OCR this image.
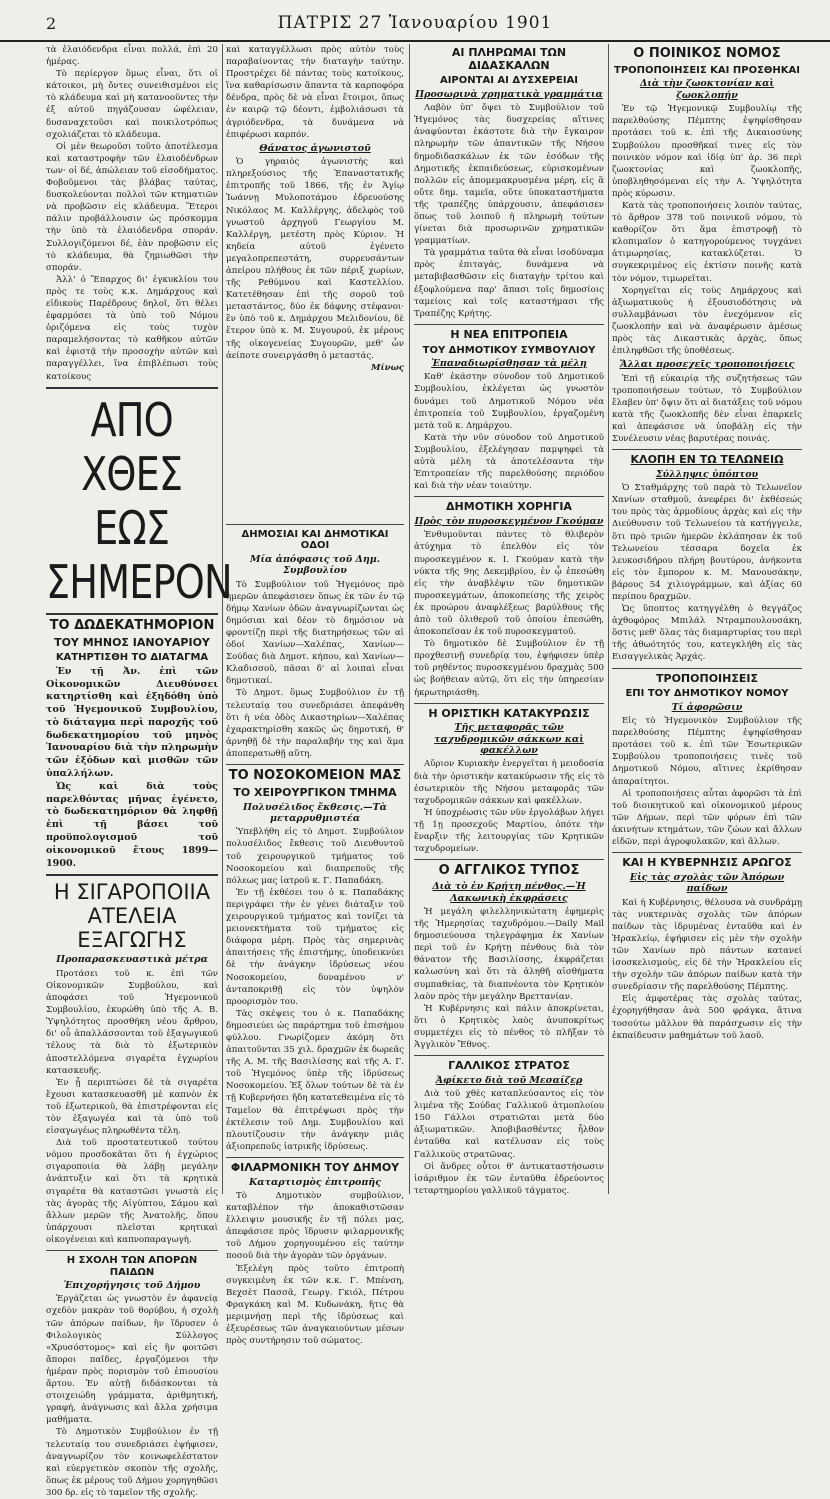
2	ΠΑΤΡΙΣ 27 Ἰανουαρίου 1901

τὰ ἐλαιόδενδρα εἶναι πολλά, ἐπὶ 20 ἡμέρας.

Τὸ περίεργον ὅμως εἶναι, ὅτι οἱ κάτοικοι, μὴ ὄντες συνειθισμένοι εἰς τὸ κλάδευμα καὶ μὴ κατανοοῦντες τὴν ἐξ αὐτοῦ πηγάζουσαν ὠφέλειαν, δυσαναχετοῦσι καὶ ποικιλοτρόπως σχολιάζεται τὸ κλάδευμα.

Οἱ μὲν θεωροῦσι τοῦτο ἀποτέλεσμα καὶ καταστροφὴν τῶν ἐλαιοδένδρων των· οἱ δέ, ἀπώλειαν τοῦ εἰσοδήματος. Φοβοῦμενοι τὰς βλάβας ταύτας, δυσκολεύονται πολλοὶ τῶν κτηματιῶν νὰ προβῶσιν εἰς κλάδευμα. Ἕτεροι πάλιν προβάλλουσιν ὡς πρόσκομμα τὴν ὑπὸ τὰ ἐλαιόδενδρα σποράν. Συλλογιζόμενοι δέ, ἐὰν προβῶσιν εἰς τὸ κλάδευμα, θὰ ζημιωθῶσι τὴν σποράν.

Ἀλλ' ὁ Ἔπαρχος δι' ἐγκυκλίου του πρὸς τε τοὺς κ.κ. Δημάρχους καὶ εἰδικοὺς Παρέδρους δηλοῖ, ὅτι θέλει ἐφαρμόσει τὰ ὑπὸ τοῦ Νόμου ὁριζόμενα εἰς τοὺς τυχὸν παραμελήσοντας τὸ καθῆκον αὐτῶν καὶ ἐφιστᾷ τὴν προσοχὴν αὐτῶν καὶ παραγγέλλει, ἵνα ἐπιβλέπωσι τοὺς κατοίκους

ΑΠΟ ΧΘΕΣ ΕΩΣ ΣΗΜΕΡΟΝ
ΤΟ ΔΩΔΕΚΑΤΗΜΟΡΙΟΝ
ΤΟΥ ΜΗΝΟΣ ΙΑΝΟΥΑΡΙΟΥ
ΚΑΤΗΡΤΙΣΘΗ ΤΟ ΔΙΑΤΑΓΜΑ

Ἐν τῇ Ἀν. ἐπὶ τῶν Οἰκονομικῶν Διευθύνσει κατηρτίσθη καὶ ἐξηδόθη ὑπὸ τοῦ Ἡγεμονικοῦ Συμβουλίου, τὸ διάταγμα περὶ παροχῆς τοῦ δωδεκατημορίου τοῦ μηνὸς Ἰανουαρίου διὰ τὴν πληρωμὴν τῶν ἐξόδων καὶ μισθῶν τῶν ὑπαλλήλων.

Ὡς καὶ διὰ τοὺς παρελθόντας μῆνας ἐγένετο, τὸ δωδεκατημόριον θὰ ληφθῇ ἐπὶ τῇ βάσει τοῦ προϋπολογισμοῦ τοῦ οἰκονομικοῦ ἔτους 1899—1900.

Η ΣΙΓΑΡΟΠΟΙΙΑ
ΑΤΕΛΕΙΑ ΕΞΑΓΩΓΗΣ
Προπαρασκευαστικὰ μέτρα

Προτάσει τοῦ κ. ἐπὶ τῶν Οἰκονομικῶν Συμβούλου, καὶ ἀποφάσει τοῦ Ἡγεμονικοῦ Συμβουλίου, ἐκυρώθη ὑπὸ τῆς Α. Β. Ὑψηλότητος προσθήκη νέου ἄρθρου, δι' οὗ ἀπαλλάσσονται τοῦ ἐξαγωγικοῦ τέλους τὰ διὰ τὸ ἐξωτερικὸν ἀποστελλόμενα σιγαρέτα ἐγχωρίου κατασκευῆς.

Ἐν ᾗ περιπτώσει δὲ τὰ σιγαρέτα ἔχουσι κατασκευασθῆ μὲ καπνὸν ἐκ τοῦ ἐξωτερικοῦ, θὰ ἐπιστρέφονται εἰς τὸν ἐξαγωγέα καὶ τὰ ὑπὸ τοῦ εἰσαγωγέως πληρωθέντα τέλη.

Διὰ τοῦ προστατευτικοῦ τούτου νόμου προσδοκᾶται ὅτι ἡ ἐγχώριος σιγαροποιία θὰ λάβῃ μεγάλην ἀνάπτυξιν καὶ ὅτι τὰ κρητικὰ σιγαρέτα θὰ καταστῶσι γνωστὰ εἰς τὰς ἀγορὰς τῆς Αἰγύπτου, Σάμου καὶ ἄλλων μερῶν τῆς Ἀνατολῆς, ὅπου ὑπάρχουσι πλεῖσται κρητικαὶ οἰκογένειαι καὶ καπνοπαραγωγὴ.

Η ΣΧΟΛΗ ΤΩΝ ΑΠΟΡΩΝ ΠΑΙΔΩΝ
Ἐπιχορήγησις τοῦ Δήμου

Ἐργάζεται ὡς γνωστὸν ἐν ἀφανείᾳ σχεδὸν μακρὰν τοῦ θορύβου, ἡ σχολὴ τῶν ἀπόρων παίδων, ἣν ἵδρυσεν ὁ Φιλολογικὸς Σύλλογος «Χρυσόστομος» καὶ εἰς ἣν φοιτῶσι ἄποροι παῖδες, ἐργαζόμενοι τὴν ἡμέραν πρὸς πορισμὸν τοῦ ἐπιουσίου ἄρτου. Ἐν αὐτῇ διδάσκονται τὰ στοιχειώδη γράμματα, ἀριθμητική, γραφή, ἀνάγνωσις καὶ ἄλλα χρήσιμα μαθήματα.

Τὸ Δημοτικὸν Συμβούλιον ἐν τῇ τελευταίᾳ του συνεδριάσει ἐψήφισεν, ἀναγνωρίζον τὸν κοινωφελέστατον καὶ εὐεργετικὸν σκοπὸν τῆς σχολῆς, ὅπως ἐκ μέρους τοῦ Δήμου χορηγηθῶσι 300 δρ. εἰς τὸ ταμεῖον τῆς σχολῆς.

καὶ καταγγέλλωσι πρὸς αὐτὸν τοὺς παραβαίνοντας τὴν διαταγὴν ταύτην. Προστρέχει δὲ πάντας τοὺς κατοίκους, ἵνα καθαρίσωσιν ἅπαντα τὰ καρποφόρα δένδρα, πρὸς δὲ νὰ εἶναι ἕτοιμοι, ὅπως ἐν καιρῷ τῷ δέοντι, ἐμβολιάσωσι τὰ ἀγριόδενδρα, τὰ δυνάμενα νὰ ἐπιφέρωσι καρπόν.

Θάνατος ἀγωνιστοῦ

Ὁ γηραιὸς ἀγωνιστὴς καὶ πληρεξούσιος τῆς Ἐπαναστατικῆς ἐπιτροπῆς τοῦ 1866, τῆς ἐν Ἀγίῳ Ἰωάννῃ Μυλοποτάμου ἑδρευούσης Νικόλαος Μ. Καλλέργης, ἀδελφὸς τοῦ γνωστοῦ ἀρχηγοῦ Γεωργίου Μ. Καλλέργη, μετέστη πρὸς Κύριον. Ἡ κηδεία αὐτοῦ ἐγένετο μεγαλοπρεπεστάτη, συρρευσάντων ἀπείρου πλήθους ἐκ τῶν πέριξ χωρίων, τῆς Ρεθύμνου καὶ Καστελλίου. Κατετέθησαν ἐπὶ τῆς σοροῦ τοῦ μεταστάντος, δύο ἐκ δάφνης στέφανοι· ἓν ὑπὸ τοῦ κ. Δημάρχου Μελιδονίου, δὲ ἕτερον ὑπὸ κ. Μ. Συγουρού, ἐκ μέρους τῆς οἰκογενείας Συγουρῶν, μεθ' ὧν ἀείποτε συνειργάσθη ὁ μεταστάς.

Μίνως
ΔΗΜΟΣΙΑΙ ΚΑΙ ΔΗΜΟΤΙΚΑΙ ΟΔΟΙ
Μία ἀπόφασις τοῦ Δημ. Συμβουλίου

Τὸ Συμβούλιον τοῦ Ἡγεμόνος πρὸ ἡμερῶν ἀπεφάσισεν ὅπως ἐκ τῶν ἐν τῷ δήμῳ Χανίων ὁδῶν ἀναγνωρίζωνται ὡς δημόσιαι καὶ δέον τὸ δημόσιον νὰ φροντίζῃ περὶ τῆς διατηρήσεως τῶν αἱ ὁδοί Χανίων—Χαλέπας, Χανίων—Σούδας διὰ Δημοτ. κήπου, καὶ Χανίων—Κλαδισσοῦ, πᾶσαι δ' αἱ λοιπαὶ εἶναι δημοτικαί.

Τὸ Δημοτ. ὅμως Συμβούλιον ἐν τῇ τελευταίᾳ του συνεδριάσει ἀπεφάνθη ὅτι ἡ νέα ὁδὸς Δικαστηρίων—Χαλέπας ἐχαρακτηρίσθη κακῶς ὡς δημοτική, θ' ἀρνηθῇ δὲ τὴν παραλαβήν της καὶ ἅμα ἀποπερατωθῇ αὕτη.

ΤΟ ΝΟΣΟΚΟΜΕΙΟΝ ΜΑΣ
ΤΟ ΧΕΙΡΟΥΡΓΙΚΟΝ ΤΜΗΜΑ
Πολυσέλιδος ἔκθεσις.—Τὰ μεταρρυθμιστέα

Ὑπεβλήθη εἰς τὸ Δημοτ. Συμβούλιον πολυσέλιδος ἔκθεσις τοῦ Διευθυντοῦ τοῦ χειρουργικοῦ τμήματος τοῦ Νοσοκομείου καὶ διαπρεποῦς τῆς πόλεως μας ἰατροῦ κ. Γ. Παπαδάκη.

Ἐν τῇ ἐκθέσει του ὁ κ. Παπαδάκης περιγράφει τὴν ἐν γένει διάταξιν τοῦ χειρουργικοῦ τμήματος καὶ τονίζει τὰ μειονεκτήματα τοῦ τμήματος εἰς διάφορα μέρη. Πρὸς τὰς σημερινὰς ἀπαιτήσεις τῆς ἐπιστήμης, ὑποδεικνύει δὲ τὴν ἀνάγκην ἱδρύσεως νέου Νοσοκομείου, δυναμένου ν' ἀνταποκριθῇ εἰς τὸν ὑψηλὸν προορισμὸν του.

Τὰς σκέψεις του ὁ κ. Παπαδάκης δημοσιεύει ὡς παράρτημα τοῦ ἐπισήμου φύλλου. Γνωρίζομεν ἀκόμη ὅτι ἀπαιτοῦνται 35 χιλ. δραχμῶν ἐκ δωρεᾶς τῆς Α. Μ. τῆς Βασιλίσσης καὶ τῆς Α. Γ. τοῦ Ἡγεμόνος ὑπὲρ τῆς ἱδρύσεως Νοσοκομείου. Ἐξ ὅλων τούτων δὲ τὰ ἐν τῇ Κυβερνήσει ἤδη κατατεθειμένα εἰς τὸ Ταμεῖον θὰ ἐπιτρέψωσι πρὸς τὴν ἐκτέλεσιν τοῦ Δημ. Συμβουλίου καὶ πλουτίζουσιν τὴν ἀνάγκην μιᾶς ἀξιοπρεποῦς ἰατρικῆς ἱδρύσεως.

ΦΙΛΑΡΜΟΝΙΚΗ ΤΟΥ ΔΗΜΟΥ
Καταρτισμὸς ἐπιτροπῆς

Τὸ Δημοτικὸν συμβούλιον, καταβλέπον τὴν ἀποκαθιστῶσαν ἔλλειψιν μουσικῆς ἐν τῇ πόλει μας, ἀπεφάσισε πρὸς ἵδρυσιν φιλαρμονικῆς τοῦ Δήμου χορηγουμένου εἰς ταύτην ποσοῦ διὰ τὴν ἀγορὰν τῶν ὀργάνων.

Ἐξελέγη πρὸς τοῦτο ἐπιτροπὴ συγκειμένη ἐκ τῶν κ.κ. Γ. Μπένση, Βεχσὲτ Πασσᾶ, Γεωργ. Γκιόλ, Πέτρου Φραγκάκη καὶ Μ. Κυδωνάκη, ἥτις θὰ μεριμνήσῃ περὶ τῆς ἱδρύσεως καὶ ἐξευρέσεως τῶν ἀναγκαιούντων μέσων πρὸς συντήρησιν τοῦ σώματος.

ΑΙ ΠΛΗΡΩΜΑΙ ΤΩΝ ΔΙΔΑΣΚΑΛΩΝ
ΑΙΡΟΝΤΑΙ ΑΙ ΔΥΣΧΕΡΕΙΑΙ
Προσωρινὰ χρηματικὰ γραμμάτια

Λαβὸν ὑπ' ὄψει τὸ Συμβούλιον τοῦ Ἡγεμόνος τὰς δυσχερείας αἵτινες ἀναφύονται ἑκάστοτε διὰ τὴν ἔγκαιρον πληρωμὴν τῶν ἀπαντικῶν τῆς Νήσου δημοδιδασκάλων ἐκ τῶν ἐσόδων τῆς Δημοτικῆς ἐκπαιδεύσεως, εὑρισκομένων πολλῶν εἰς ἀπομεμακρυσμένα μέρη, εἰς ἃ οὔτε δημ. ταμεῖα, οὔτε ὑποκαταστήματα τῆς τραπέζης ὑπάρχουσιν, ἀπεφάσισεν ὅπως τοῦ λοιποῦ ἡ πληρωμὴ τούτων γίνεται διὰ προσωρινῶν χρηματικῶν γραμματίων.

Τὰ γραμμάτια ταῦτα θὰ εἶναι ἰσοδύναμα πρὸς ἐπιταγάς, δυνάμενα νὰ μεταβιβασθῶσιν εἰς διαταγὴν τρίτου καὶ ἐξοφλούμενα παρ' ἅπασι τοῖς δημοσίοις ταμείοις καὶ τοῖς καταστήμασι τῆς Τραπέζης Κρήτης.

Η ΝΕΑ ΕΠΙΤΡΟΠΕΙΑ
ΤΟΥ ΔΗΜΟΤΙΚΟΥ ΣΥΜΒΟΥΛΙΟΥ
Ἐπαναδιωρίσθησαν τὰ μέλη

Καθ' ἑκάστην σύνοδον τοῦ Δημοτικοῦ Συμβουλίου, ἐκλέγεται ὡς γνωστὸν δυνάμει τοῦ Δημοτικοῦ Νόμου νέα ἐπιτροπεία τοῦ Συμβουλίου, ἐργαζομένη μετὰ τοῦ κ. Δημάρχου.

Κατὰ τὴν νῦν σύνοδον τοῦ Δημοτικοῦ Συμβουλίου, ἐξελέγησαν παμψηφεὶ τὰ αὐτὰ μέλη τὰ ἀποτελέσαντα τὴν Ἐπιτροπείαν τῆς παρελθούσης περιόδου καὶ διὰ τὴν νέαν τοιαύτην.

ΔΗΜΟΤΙΚΗ ΧΟΡΗΓΙΑ
Πρὸς τὸν πυροσκεγμένον Γκούμαν

Ἐνθυμοῦνται πάντες τὸ θλιβερὸν ἀτύχημα τὸ ἐπελθὸν εἰς τὸν πυροσκεγμένον κ. Ι. Γκούμαν κατὰ τὴν νύκτα τῆς 9ης Δεκεμβρίου, ἐν ᾧ ἐπεσώθη εἰς τὴν ἀναβλέψιν τῶν δημοτικῶν πυροσκεγμάτων, ἀποκοπείσης τῆς χειρὸς ἐκ προώρου ἀναφλέξεως βαρύλθους τῆς ἀπὸ τοῦ ὀλιθεροῦ τοῦ ὁποίου ἐπεσώθη, ἀποκοπεῖσαν ἐκ τοῦ πυροσκεγματοῦ.

Τὸ δημοτικὸν δὲ Συμβούλιον ἐν τῇ προχθεσινῇ συνεδρίᾳ του, ἐψήφισεν ὑπὲρ τοῦ ρηθέντος πυροσκεγμένου δραχμὰς 500 ὡς βοήθειαν αὐτῷ, ὅτι εἰς τὴν ὑπηρεσίαν ἠκρωτηριάσθη.

Η ΟΡΙΣΤΙΚΗ ΚΑΤΑΚΥΡΩΣΙΣ
Τῆς μεταφορᾶς τῶν ταχυδρομικῶν σάκκων καὶ φακέλλων

Αὔριον Κυριακὴν ἐνεργεῖται ἡ μειοδοσία διὰ τὴν ὁριστικὴν κατακύρωσιν τῆς εἰς τὸ ἐσωτερικὸν τῆς Νήσου μεταφορᾶς τῶν ταχυδρομικῶν σάκκων καὶ φακέλλων.

Ἡ ὑποχρέωσις τῶν νῦν ἐργολάβων λήγει τῇ 1ῃ προσεχοῦς Μαρτίου, ὁπότε τὴν ἔναρξιν τῆς λειτουργίας τῶν Κρητικῶν ταχυδρομείων.

Ο ΑΓΓΛΙΚΟΣ ΤΥΠΟΣ
Διὰ τὸ ἐν Κρήτῃ πένθος.—Ἡ Λακωνικὴ ἐκφράσεις

Ἡ μεγάλη φιλελληνικώτατη ἐφημερὶς τῆς Ἡμερησίας ταχυδρόμου.—Daily Mail δημοσιεύουσα τηλεγράφημα ἐκ Χανίων περὶ τοῦ ἐν Κρήτῃ πένθους διὰ τὸν θάνατον τῆς Βασιλίσσης, ἐκφράζεται καλωσύνη καὶ ὅτι τὰ ἀληθῆ αἰσθήματα συμπαθείας, τὰ διαπνέοντα τὸν Κρητικὸν λαὸν πρὸς τὴν μεγάλην Βρεττανίαν.

Ἡ Κυβέρνησις καὶ πάλιν ἀποκρίνεται, ὅτι ὁ Κρητικὸς λαὸς ἀνυποκρίτως συμμετέχει εἰς τὸ πένθος τὸ πλῆξαν τὸ Ἀγγλικὸν Ἔθνος.

ΓΑΛΛΙΚΟΣ ΣΤΡΑΤΟΣ
Ἀφίκετο διὰ τοῦ Μεσαίζερ

Διὰ τοῦ χθὲς καταπλεύσαντος εἰς τὸν λιμένα τῆς Σούδας Γαλλικοῦ ἀτμοπλοίου 150 Γάλλοι στρατιῶται μετὰ δύο ἀξιωματικῶν. Ἀποβιβασθέντες ἦλθον ἐνταῦθα καὶ κατέλυσαν εἰς τοὺς Γαλλικοὺς στρατῶνας.

Οἱ ἄνδρες οὗτοι θ' ἀντικαταστήσωσιν ἰσάριθμον ἐκ τῶν ἐνταῦθα ἐδρεύοντος τεταρτημορίου γαλλικοῦ τάγματος.

Ο ΠΟΙΝΙΚΟΣ ΝΟΜΟΣ
ΤΡΟΠΟΠΟΙΗΣΕΙΣ ΚΑΙ ΠΡΟΣΘΗΚΑΙ
Διὰ τὴν ζωοκτονίαν καὶ ζωοκλοπήν

Ἐν τῷ Ἡγεμονικῷ Συμβουλίῳ τῆς παρελθούσης Πέμπτης ἐψηφίσθησαν προτάσει τοῦ κ. ἐπὶ τῆς Δικαιοσύνης Συμβούλου προσθῆκαί τινες εἰς τὸν ποινικὸν νόμον καὶ ἰδίᾳ ὑπ' ἀρ. 36 περὶ ζωοκτονίας καὶ ζωοκλοπῆς, ὑποβληθησόμεναι εἰς τὴν Α. Ὑψηλότητα πρὸς κύρωσιν.

Κατὰ τὰς τροποποιήσεις λοιπὸν ταύτας, τὸ ἄρθρον 378 τοῦ ποινικοῦ νόμου, τὸ καθορίζον ὅτι ἅμα ἐπιστροφῇ τὸ κλοπιμαῖον ὁ κατηγορούμενος τυγχάνει ἀτιμωρησίας, κατακλύζεται. Ὁ συγκεκριμένος εἰς ἐκτίσιν ποινῆς κατὰ τὸν νόμον, τιμωρεῖται.

Χορηγεῖται εἰς τοὺς Δημάρχους καὶ ἀξιωματικοὺς ἡ ἐξουσιοδότησις νὰ συλλαμβάνωσι τὸν ἐνεχόμενον εἰς ζωοκλοπὴν καὶ νὰ ἀναφέρωσιν ἀμέσως πρὸς τὰς Δικαστικὰς ἀρχὰς, ὅπως ἐπιληφθῶσι τῆς ὑποθέσεως.

Ἄλλαι προσεχεῖς τροποποιήσεις

Ἐπὶ τῇ εὐκαιρίᾳ τῆς συζητήσεως τῶν τροποποιήσεων τούτων, τὸ Συμβούλιον ἔλαβεν ὑπ' ὄψιν ὅτι αἱ διατάξεις τοῦ νόμου κατὰ τῆς ζωοκλοπῆς δὲν εἶναι ἐπαρκεῖς καὶ ἀπεφάσισε νὰ ὑποβάλῃ εἰς τὴν Συνέλευσιν νέας βαρυτέρας ποινάς.

ΚΛΟΠΗ ΕΝ ΤΩ ΤΕΛΩΝΕΙΩ
Σύλληψις ὑπόπτου

Ὁ Σταθμάρχης τοῦ παρὰ τὸ Τελωνεῖον Χανίων σταθμοῦ, ἀνεφέρει δι' ἐκθέσεώς του πρὸς τὰς ἁρμοδίους ἀρχὰς καὶ εἰς τὴν Διεύθυνσιν τοῦ Τελωνείου τὰ κατήγγειλε, ὅτι πρὸ τριῶν ἡμερῶν ἐκλάπησαν ἐκ τοῦ Τελωνείου τέσσαρα δοχεῖα ἐκ λευκοσιδήρου πλήρη βουτύρου, ἀνήκοντα εἰς τὸν ἔμπορον κ. Μ. Μανουσάκην, βάρους 54 χιλιογράμμων, καὶ ἀξίας 60 περίπου δραχμῶν.

Ὡς ὕποπτος κατηγγέλθη ὁ θεγγάζος ἀχθοφόρος Μπιλάλ Ντραμπουλουσάκη, ὅστις μεθ' ὅλας τὰς διαμαρτυρίας του περὶ τῆς ἀθωότητός του, κατεγκλήθη εἰς τὰς Εισαγγελικὰς Ἀρχάς.

ΤΡΟΠΟΠΟΙΗΣΕΙΣ
ΕΠΙ ΤΟΥ ΔΗΜΟΤΙΚΟΥ ΝΟΜΟΥ
Τί ἀφορῶσιν

Εἰς τὸ Ἡγεμονικὸν Συμβούλιον τῆς παρελθούσης Πέμπτης ἐψηφίσθησαν προτάσει τοῦ κ. ἐπὶ τῶν Ἐσωτερικῶν Συμβούλου τροποποιήσεις τινὲς τοῦ Δημοτικοῦ Νόμου, αἵτινες ἐκρίθησαν ἀπαραίτητοι.

Αἱ τροποποιήσεις αὗται ἀφορῶσι τὰ ἐπὶ τοῦ διοικητικοῦ καὶ οἰκονομικοῦ μέρους τῶν Δήμων, περὶ τῶν φόρων ἐπὶ τῶν ἀκινήτων κτημάτων, τῶν ζώων καὶ ἄλλων εἰδῶν, περὶ ἀγροφυλακῶν, καὶ ἄλλων.

ΚΑΙ Η ΚΥΒΕΡΝΗΣΙΣ ΑΡΩΓΟΣ
Εἰς τὰς σχολὰς τῶν Ἀπόρων παίδων

Καὶ ἡ Κυβέρνησις, θέλουσα νὰ συνδράμῃ τὰς νυκτερινὰς σχολὰς τῶν ἀπόρων παίδων τὰς ἱδρυμένας ἐνταῦθα καὶ ἐν Ἡρακλείῳ, ἐψήφισεν εἰς μὲν τὴν σχολὴν τῶν Χανίων πρὸ πάντων κατανεί ἰσοσκελισμοὺς, εἰς δὲ τὴν Ἡρακλείου εἰς τὴν σχολὴν τῶν ἀπόρων παίδων κατὰ τὴν συνεδρίασιν τῆς παρελθούσης Πέμπτης.

Εἰς ἀμφοτέρας τὰς σχολὰς ταύτας, ἐχορηγήθησαν ἀνὰ 500 φράγκα, ἅτινα τοσούτω μᾶλλον θὰ παράσχωσιν εἰς τὴν ἐκπαίδευσιν μαθημάτων τοῦ λαοῦ.
